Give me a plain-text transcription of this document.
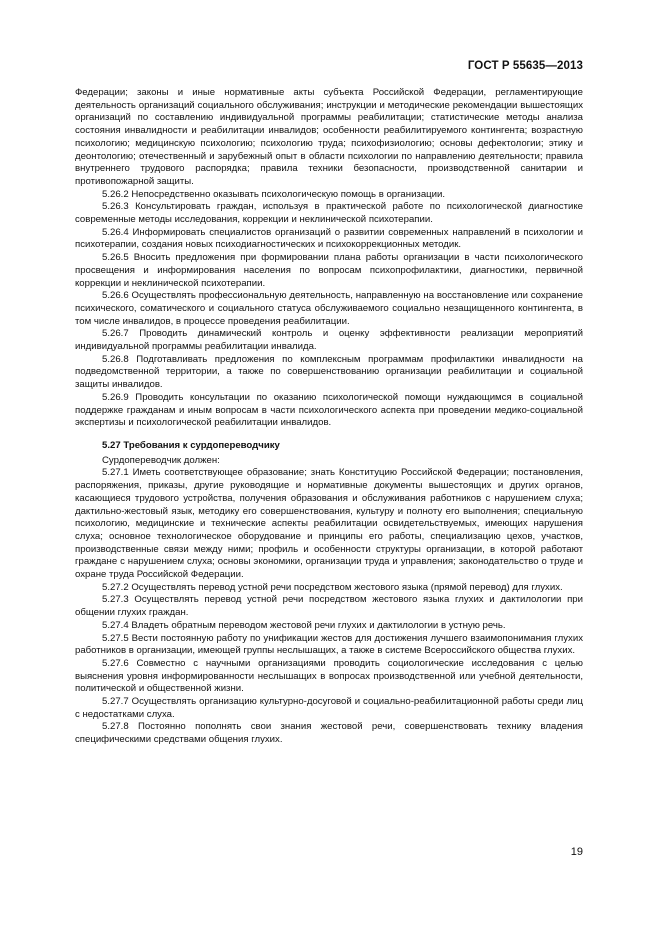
ГОСТ Р 55635—2013

Федерации; законы и иные нормативные акты субъекта Российской Федерации, регламентирующие деятельность организаций социального обслуживания; инструкции и методические рекомендации вышестоящих организаций по составлению индивидуальной программы реабилитации; статистические методы анализа состояния инвалидности и реабилитации инвалидов; особенности реабилитируемого контингента; возрастную психологию; медицинскую психологию; психологию труда; психофизиологию; основы дефектологии; этику и деонтологию; отечественный и зарубежный опыт в области психологии по направлению деятельности; правила внутреннего трудового распорядка; правила техники безопасности, производственной санитарии и противопожарной защиты.

5.26.2 Непосредственно оказывать психологическую помощь в организации.

5.26.3 Консультировать граждан, используя в практической работе по психологической диагностике современные методы исследования, коррекции и неклинической психотерапии.

5.26.4 Информировать специалистов организаций о развитии современных направлений в психологии и психотерапии, создания новых психодиагностических и психокоррекционных методик.

5.26.5 Вносить предложения при формировании плана работы организации в части психологического просвещения и информирования населения по вопросам психопрофилактики, диагностики, первичной коррекции и неклинической психотерапии.

5.26.6 Осуществлять профессиональную деятельность, направленную на восстановление или сохранение психического, соматического и социального статуса обслуживаемого социально незащищенного контингента, в том числе инвалидов, в процессе проведения реабилитации.

5.26.7 Проводить динамический контроль и оценку эффективности реализации мероприятий индивидуальной программы реабилитации инвалида.

5.26.8 Подготавливать предложения по комплексным программам профилактики инвалидности на подведомственной территории, а также по совершенствованию организации реабилитации и социальной защиты инвалидов.

5.26.9 Проводить консультации по оказанию психологической помощи нуждающимся в социальной поддержке гражданам и иным вопросам в части психологического аспекта при проведении медико-социальной экспертизы и психологической реабилитации инвалидов.

5.27 Требования к сурдопереводчику

Сурдопереводчик должен:

5.27.1 Иметь соответствующее образование; знать Конституцию Российской Федерации; постановления, распоряжения, приказы, другие руководящие и нормативные документы вышестоящих и других органов, касающиеся трудового устройства, получения образования и обслуживания работников с нарушением слуха; дактильно-жестовый язык, методику его совершенствования, культуру и полноту его выполнения; специальную психологию, медицинские и технические аспекты реабилитации освидетельствуемых, имеющих нарушения слуха; основное технологическое оборудование и принципы его работы, специализацию цехов, участков, производственные связи между ними; профиль и особенности структуры организации, в которой работают граждане с нарушением слуха; основы экономики, организации труда и управления; законодательство о труде и охране труда Российской Федерации.

5.27.2 Осуществлять перевод устной речи посредством жестового языка (прямой перевод) для глухих.

5.27.3 Осуществлять перевод устной речи посредством жестового языка глухих и дактилологии при общении глухих граждан.

5.27.4 Владеть обратным переводом жестовой речи глухих и дактилологии в устную речь.

5.27.5 Вести постоянную работу по унификации жестов для достижения лучшего взаимопонимания глухих работников в организации, имеющей группы неслышащих, а также в системе Всероссийского общества глухих.

5.27.6 Совместно с научными организациями проводить социологические исследования с целью выяснения уровня информированности неслышащих в вопросах производственной или учебной деятельности, политической и общественной жизни.

5.27.7 Осуществлять организацию культурно-досуговой и социально-реабилитационной работы среди лиц с недостатками слуха.

5.27.8 Постоянно пополнять свои знания жестовой речи, совершенствовать технику владения специфическими средствами общения глухих.

19
